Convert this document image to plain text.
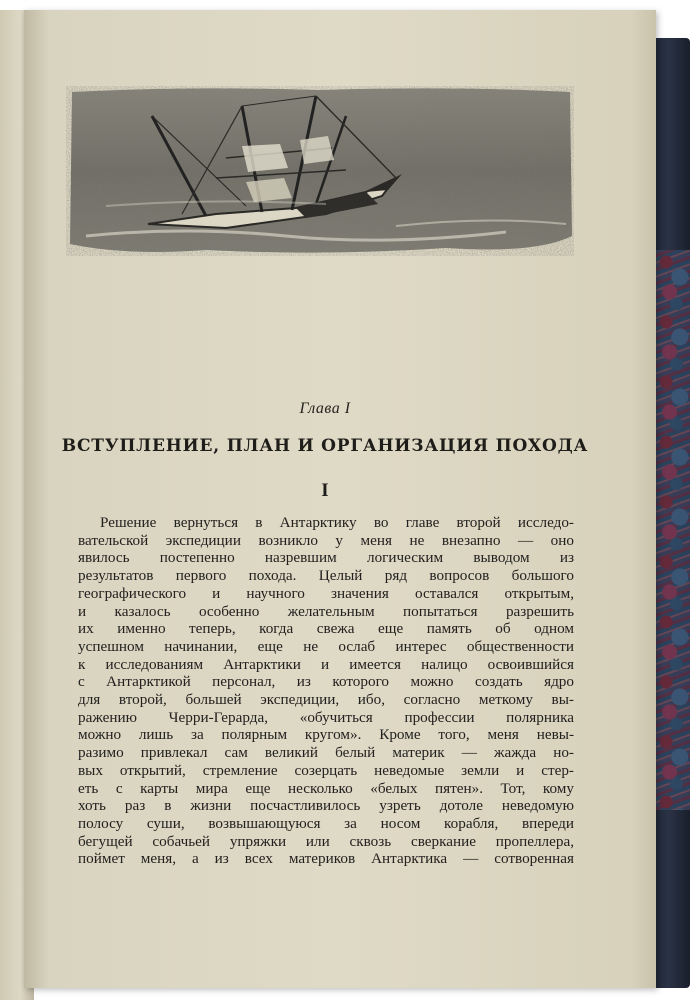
Глава I
ВСТУПЛЕНИЕ, ПЛАН И ОРГАНИЗАЦИЯ ПОХОДА
I
Решение вернуться в Антарктику во главе второй исследо-
вательской экспедиции возникло у меня не внезапно — оно
явилось постепенно назревшим логическим выводом из
результатов первого похода. Целый ряд вопросов большого
географического и научного значения оставался открытым,
и казалось особенно желательным попытаться разрешить
их именно теперь, когда свежа еще память об одном
успешном начинании, еще не ослаб интерес общественности
к исследованиям Антарктики и имеется налицо освоившийся
с Антарктикой персонал, из которого можно создать ядро
для второй, большей экспедиции, ибо, согласно меткому вы-
ражению Черри-Герарда, «обучиться профессии полярника
можно лишь за полярным кругом». Кроме того, меня невы-
разимо привлекал сам великий белый материк — жажда но-
вых открытий, стремление созерцать неведомые земли и стер-
еть с карты мира еще несколько «белых пятен». Тот, кому
хоть раз в жизни посчастливилось узреть дотоле неведомую
полосу суши, возвышающуюся за носом корабля, впереди
бегущей собачьей упряжки или сквозь сверкание пропеллера,
поймет меня, а из всех материков Антарктика — сотворенная
